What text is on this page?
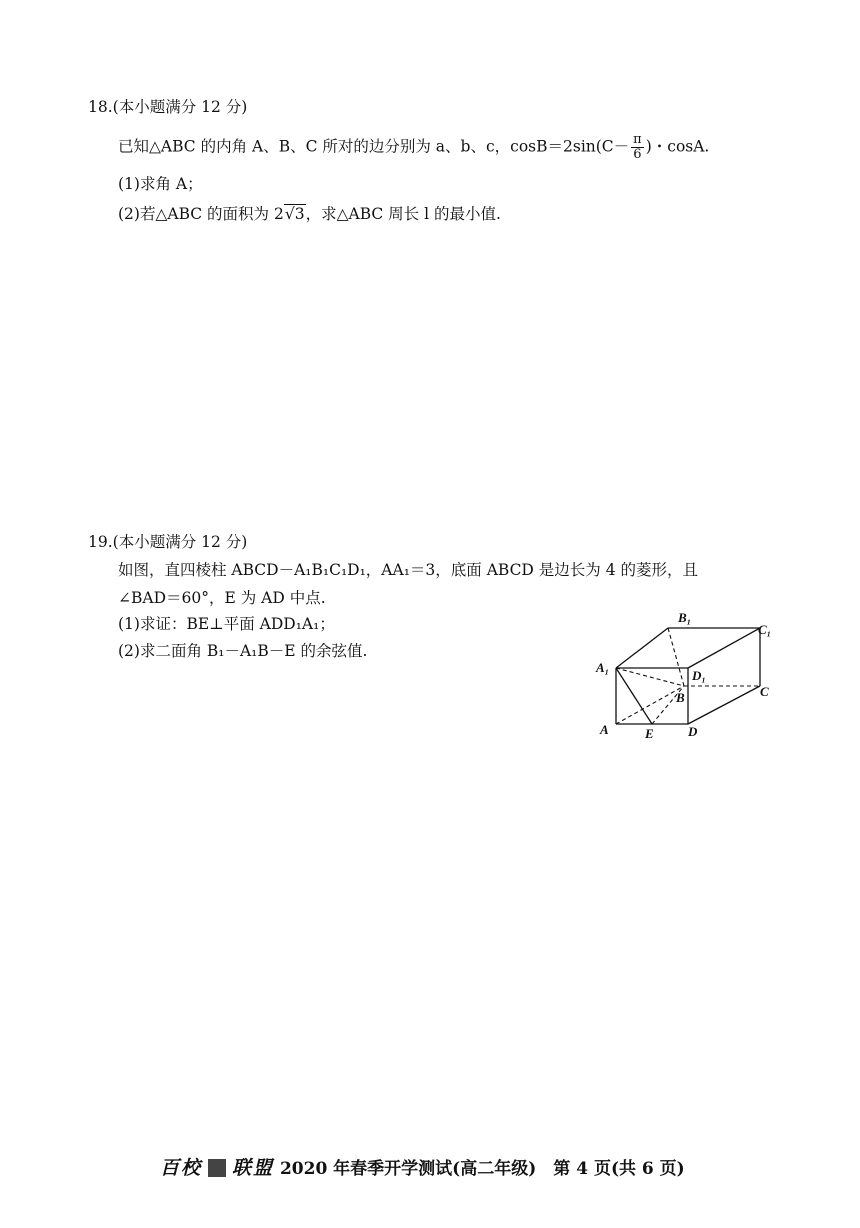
18.(本小题满分 12 分)
已知△ABC 的内角 A、B、C 所对的边分别为 a、b、c，$\cos B=2\sin(C- \frac{\pi}{6}$ )・cosA.
(1)求角 A；
(2)若△ABC 的面积为 2√3，求△ABC 周长 l 的最小值.
19.(本小题满分 12 分)
如图，直四棱柱 ABCD－A₁B₁C₁D₁，AA₁＝3，底面 ABCD 是边长为 4 的菱形，且
∠BAD＝60°，E 为 AD 中点.
(1)求证：BE⊥平面 ADD₁A₁；
(2)求二面角 B₁－A₁B－E 的余弦值.
B₁
C₁
A₁
D₁
B	C
A	E	D
百校 联盟 2020 年春季开学测试(高二年级)　第 4 页(共 6 页)
